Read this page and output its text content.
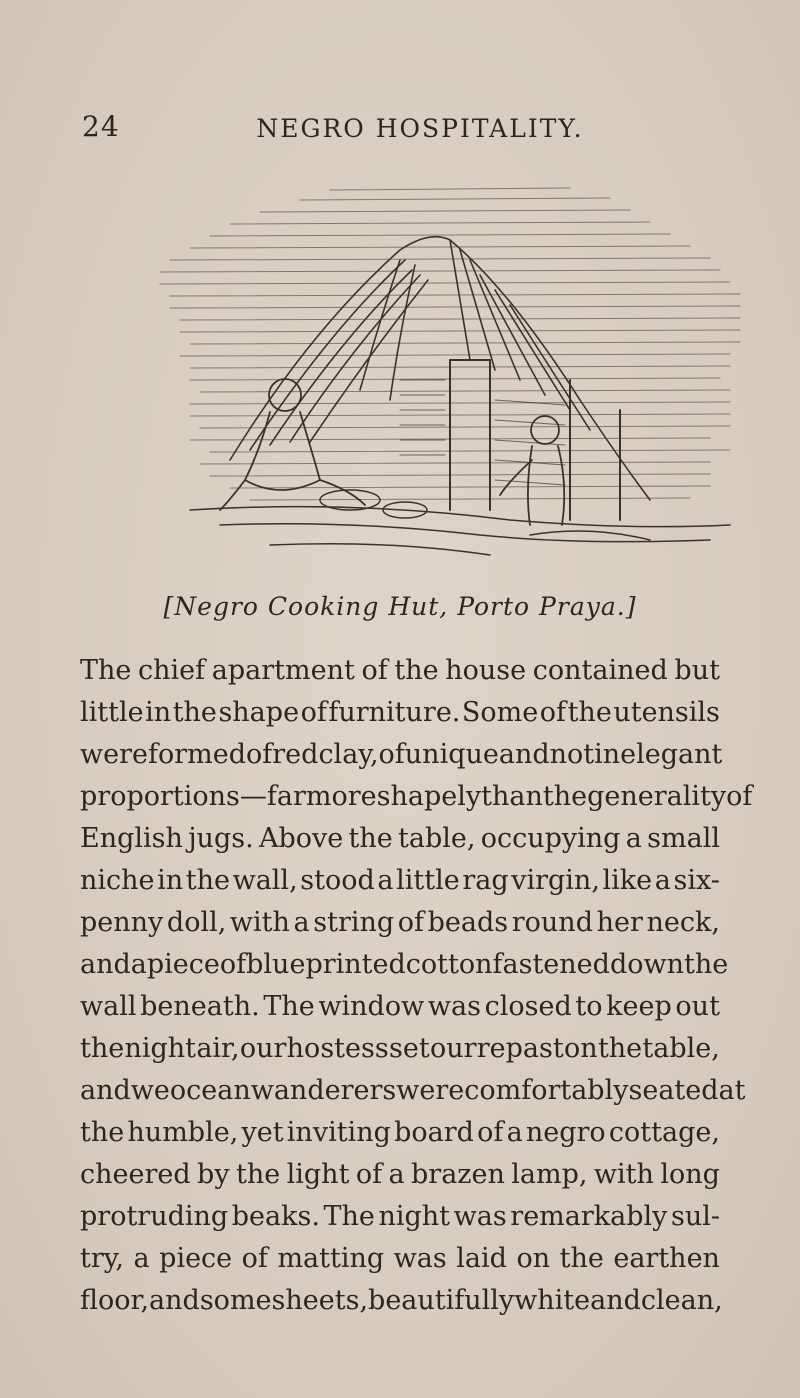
24	NEGRO HOSPITALITY.
[Negro Cooking Hut, Porto Praya.]
The chief apartment of the house contained but
little in the shape of furniture. Some of the utensils
were formed of red clay, of unique and not inelegant
proportions—far more shapely than the generality of
English jugs. Above the table, occupying a small
niche in the wall, stood a little rag virgin, like a six-
penny doll, with a string of beads round her neck,
and a piece of blue printed cotton fastened down the
wall beneath. The window was closed to keep out
the night air, our hostess set our repast on the table,
and we ocean wanderers were comfortably seated at
the humble, yet inviting board of a negro cottage,
cheered by the light of a brazen lamp, with long
protruding beaks. The night was remarkably sul-
try, a piece of matting was laid on the earthen
floor, and some sheets, beautifully white and clean,
